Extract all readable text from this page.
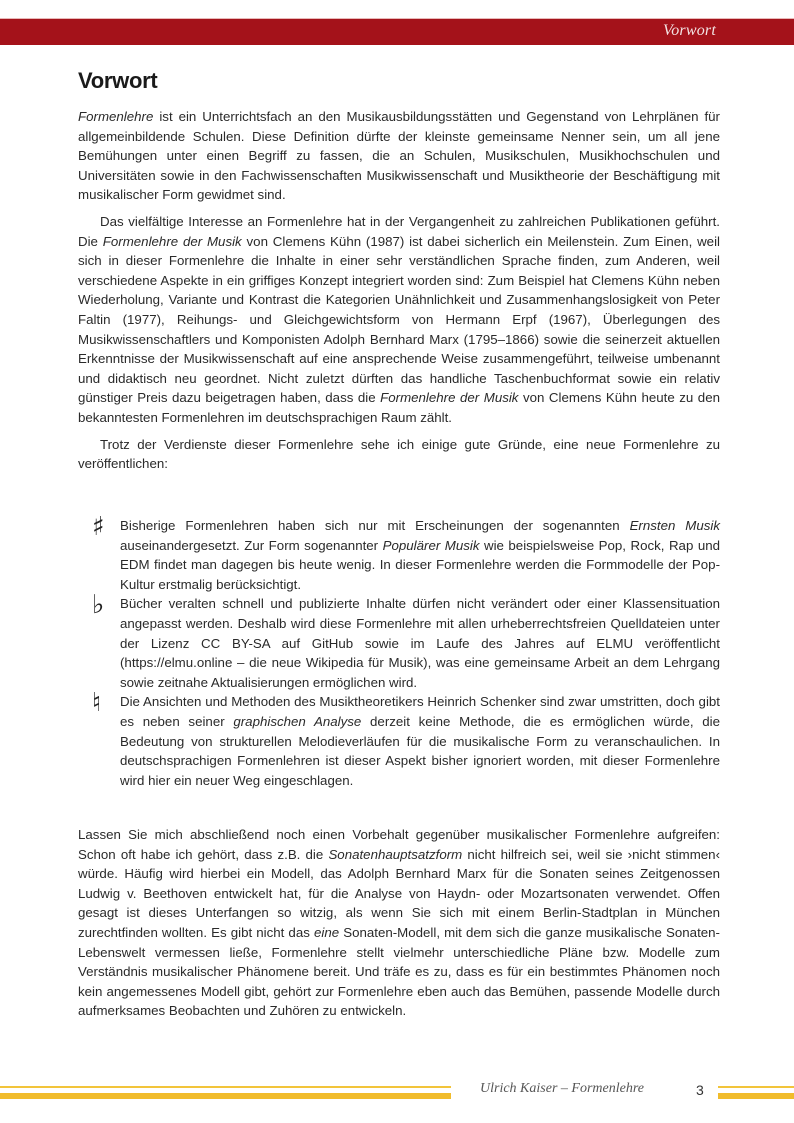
Vorwort
Vorwort

Formenlehre ist ein Unterrichtsfach an den Musikausbildungsstätten und Gegenstand von Lehrplänen für allgemeinbildende Schulen. Diese Definition dürfte der kleinste gemeinsame Nenner sein, um all jene Bemühungen unter einen Begriff zu fassen, die an Schulen, Musikschulen, Musikhochschulen und Universitäten sowie in den Fachwissenschaften Musikwissenschaft und Musiktheorie der Beschäftigung mit musikalischer Form gewidmet sind.

Das vielfältige Interesse an Formenlehre hat in der Vergangenheit zu zahlreichen Publikationen geführt. Die Formenlehre der Musik von Clemens Kühn (1987) ist dabei sicherlich ein Meilenstein. Zum Einen, weil sich in dieser Formenlehre die Inhalte in einer sehr verständlichen Sprache finden, zum Anderen, weil verschiedene Aspekte in ein griffiges Konzept integriert worden sind: Zum Beispiel hat Clemens Kühn neben Wiederholung, Variante und Kontrast die Kategorien Unähnlichkeit und Zusammenhangslosigkeit von Peter Faltin (1977), Reihungs- und Gleichgewichtsform von Hermann Erpf (1967), Überlegungen des Musikwissenschaftlers und Komponisten Adolph Bernhard Marx (1795–1866) sowie die seinerzeit aktuellen Erkenntnisse der Musikwissenschaft auf eine ansprechende Weise zusammengeführt, teilweise umbenannt und didaktisch neu geordnet. Nicht zuletzt dürften das handliche Taschenbuchformat sowie ein relativ günstiger Preis dazu beigetragen haben, dass die Formenlehre der Musik von Clemens Kühn heute zu den bekanntesten Formenlehren im deutschsprachigen Raum zählt.

Trotz der Verdienste dieser Formenlehre sehe ich einige gute Gründe, eine neue Formenlehre zu veröffentlichen:

♯ Bisherige Formenlehren haben sich nur mit Erscheinungen der sogenannten Ernsten Musik auseinandergesetzt. Zur Form sogenannter Populärer Musik wie beispielsweise Pop, Rock, Rap und EDM findet man dagegen bis heute wenig. In dieser Formenlehre werden die Formmodelle der Pop-Kultur erstmalig berücksichtigt.
♭ Bücher veralten schnell und publizierte Inhalte dürfen nicht verändert oder einer Klassensituation angepasst werden. Deshalb wird diese Formenlehre mit allen urheberrechtsfreien Quelldateien unter der Lizenz CC BY-SA auf GitHub sowie im Laufe des Jahres auf ELMU veröffentlicht (https://elmu.online – die neue Wikipedia für Musik), was eine gemeinsame Arbeit an dem Lehrgang sowie zeitnahe Aktualisierungen ermöglichen wird.
♮ Die Ansichten und Methoden des Musiktheoretikers Heinrich Schenker sind zwar umstritten, doch gibt es neben seiner graphischen Analyse derzeit keine Methode, die es ermöglichen würde, die Bedeutung von strukturellen Melodieverläufen für die musikalische Form zu veranschaulichen. In deutschsprachigen Formenlehren ist dieser Aspekt bisher ignoriert worden, mit dieser Formenlehre wird hier ein neuer Weg eingeschlagen.

Lassen Sie mich abschließend noch einen Vorbehalt gegenüber musikalischer Formenlehre aufgreifen: Schon oft habe ich gehört, dass z.B. die Sonatenhauptsatzform nicht hilfreich sei, weil sie ›nicht stimmen‹ würde. Häufig wird hierbei ein Modell, das Adolph Bernhard Marx für die Sonaten seines Zeitgenossen Ludwig v. Beethoven entwickelt hat, für die Analyse von Haydn- oder Mozartsonaten verwendet. Offen gesagt ist dieses Unterfangen so witzig, als wenn Sie sich mit einem Berlin-Stadtplan in München zurechtfinden wollten. Es gibt nicht das eine Sonaten-Modell, mit dem sich die ganze musikalische Sonaten-Lebenswelt vermessen ließe, Formenlehre stellt vielmehr unterschiedliche Pläne bzw. Modelle zum Verständnis musikalischer Phänomene bereit. Und träfe es zu, dass es für ein bestimmtes Phänomen noch kein angemessenes Modell gibt, gehört zur Formenlehre eben auch das Bemühen, passende Modelle durch aufmerksames Beobachten und Zuhören zu entwickeln.

Ulrich Kaiser – Formenlehre	3
